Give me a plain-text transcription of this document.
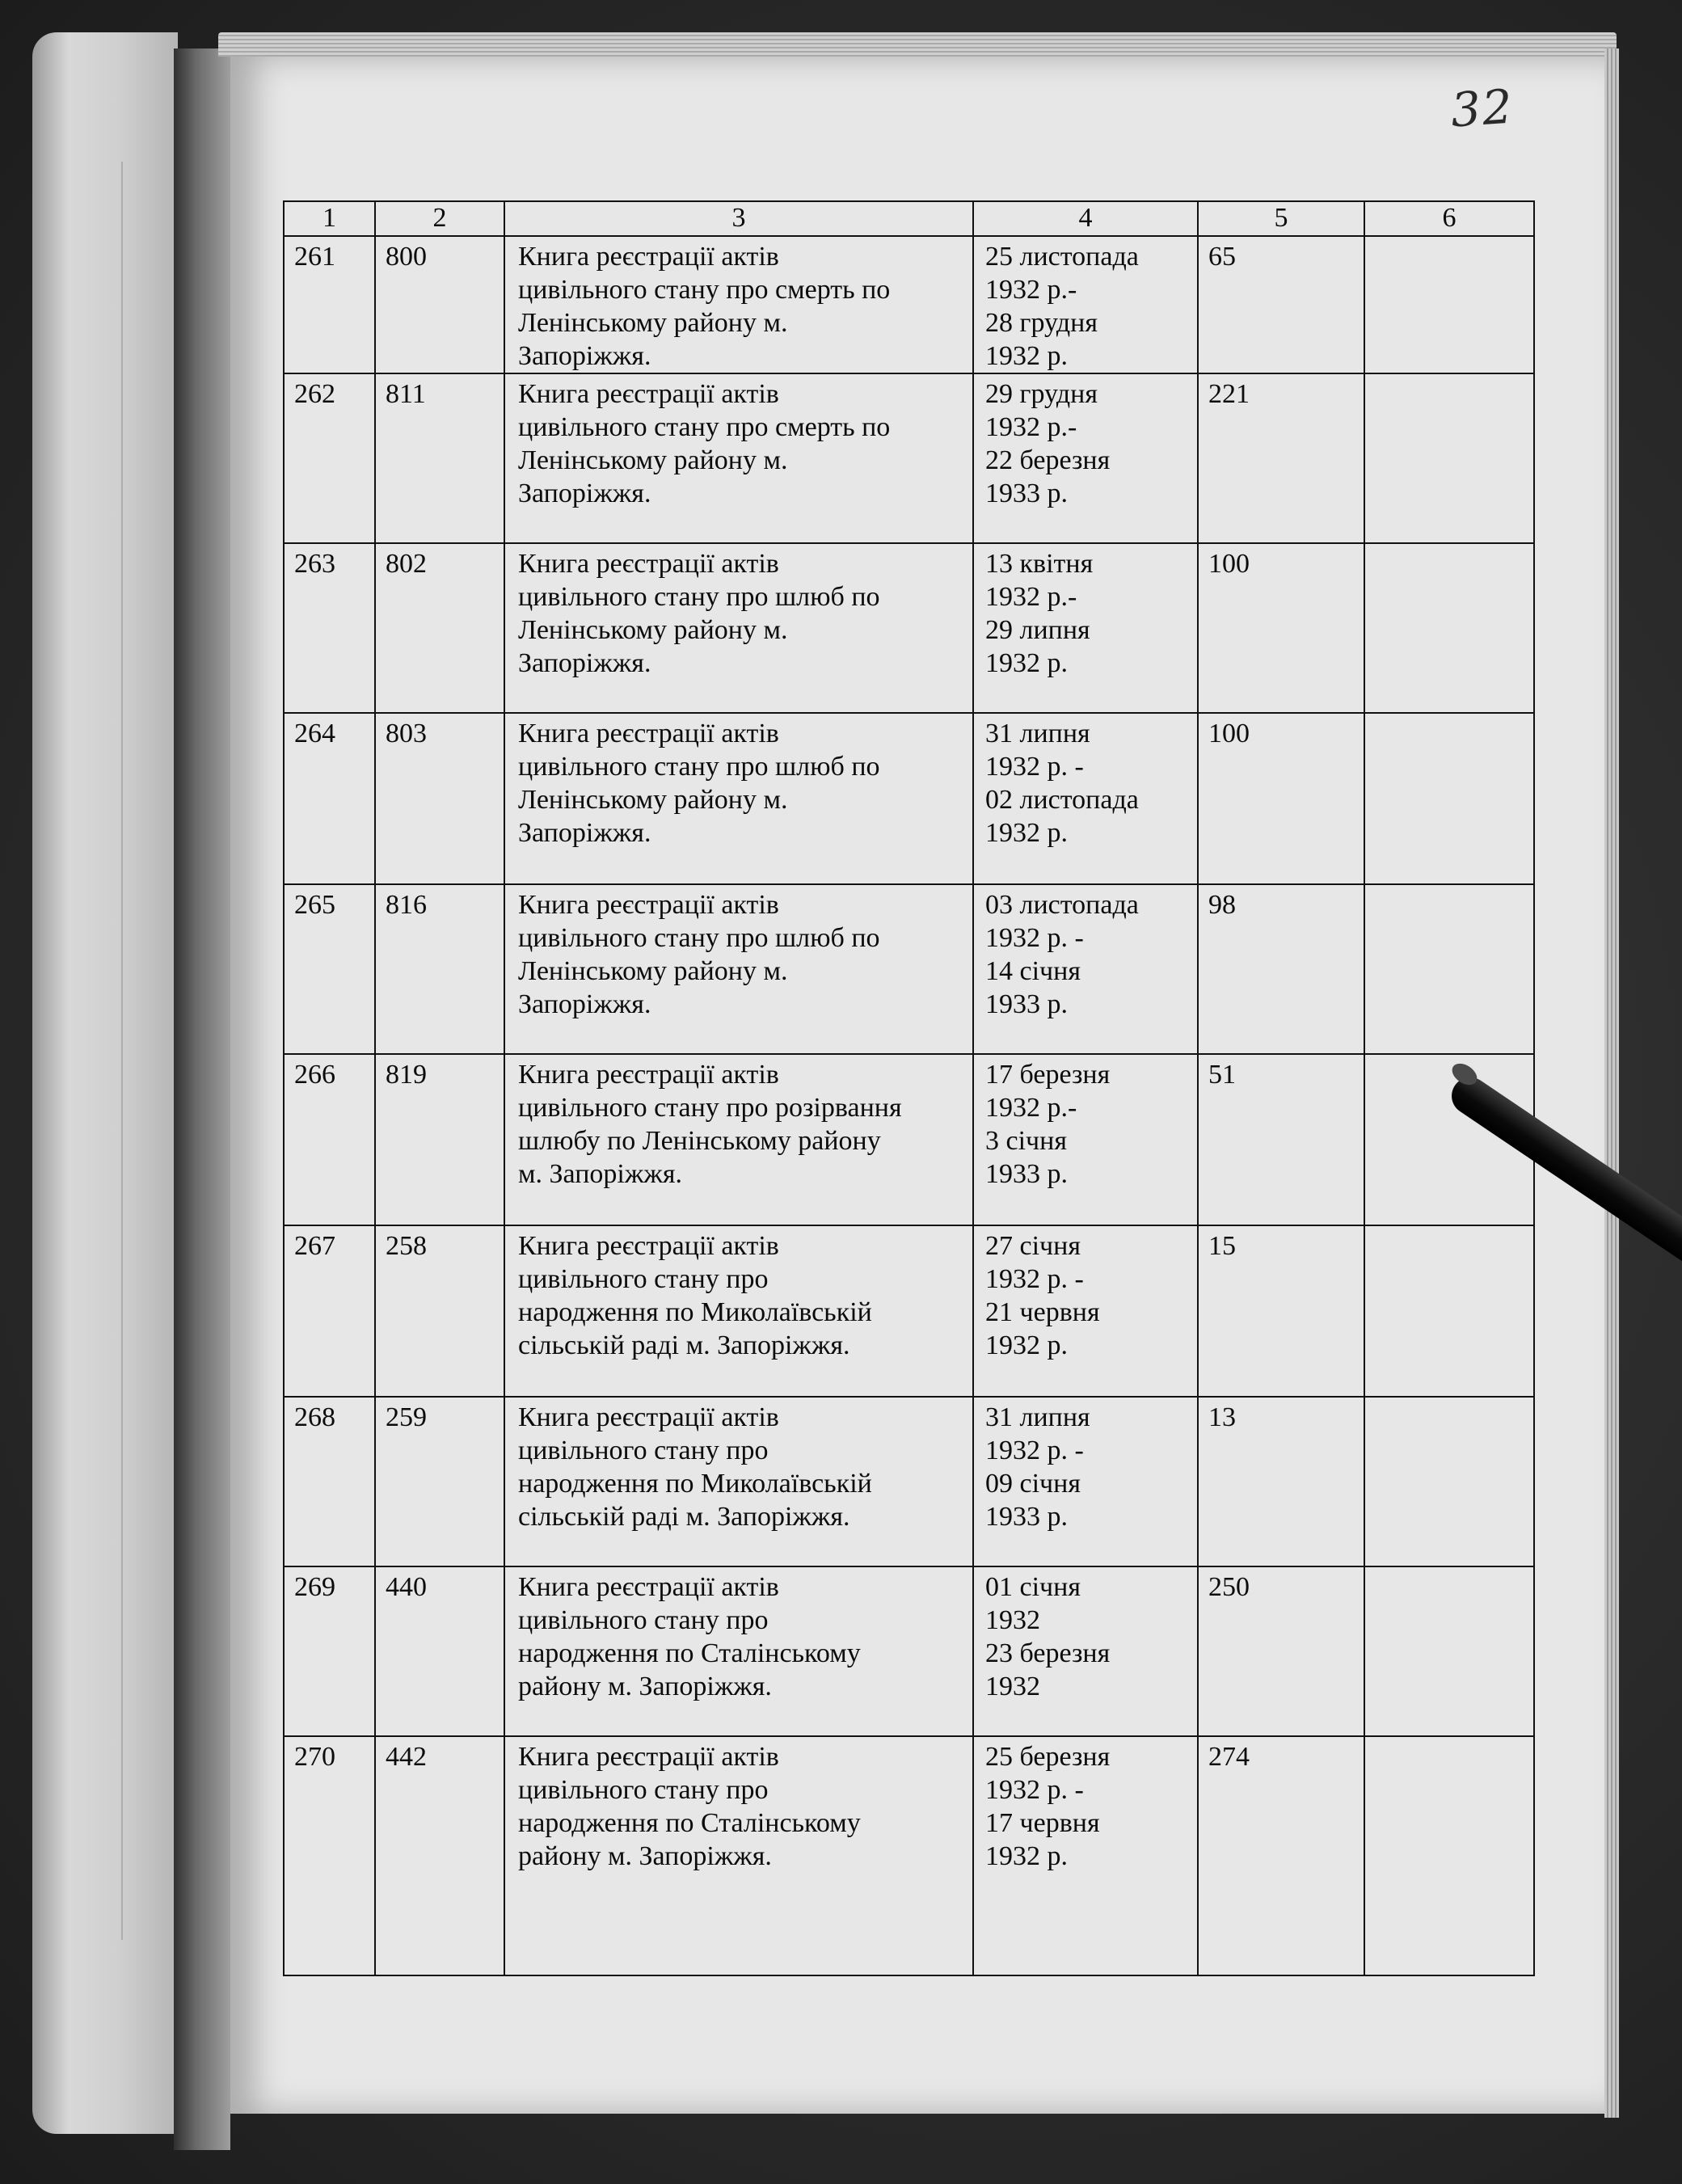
32
1	2	3	4	5	6
261	800	Книга реєстрації актів
цивільного стану про смерть по
Ленінському району м.
Запоріжжя.	25 листопада
1932 р.-
28 грудня
1932 р.	65	
262	811	Книга реєстрації актів
цивільного стану про смерть по
Ленінському району м.
Запоріжжя.	29 грудня
1932 р.-
22 березня
1933 р.	221	
263	802	Книга реєстрації актів
цивільного стану про шлюб по
Ленінському району м.
Запоріжжя.	13 квітня
1932 р.-
29 липня
1932 р.	100	
264	803	Книга реєстрації актів
цивільного стану про шлюб по
Ленінському району м.
Запоріжжя.	31 липня
1932 р. -
02 листопада
1932 р.	100	
265	816	Книга реєстрації актів
цивільного стану про шлюб по
Ленінському району м.
Запоріжжя.	03 листопада
1932 р. -
14 січня
1933 р.	98	
266	819	Книга реєстрації актів
цивільного стану про розірвання
шлюбу по Ленінському району
м. Запоріжжя.	17 березня
1932 р.-
3 січня
1933 р.	51	
267	258	Книга реєстрації актів
цивільного стану про
народження по Миколаївській
сільській раді м. Запоріжжя.	27 січня
1932 р. -
21 червня
1932 р.	15	
268	259	Книга реєстрації актів
цивільного стану про
народження по Миколаївській
сільській раді м. Запоріжжя.	31 липня
1932 р. -
09 січня
1933 р.	13	
269	440	Книга реєстрації актів
цивільного стану про
народження по Сталінському
району м. Запоріжжя.	01 січня
1932
23 березня
1932	250	
270	442	Книга реєстрації актів
цивільного стану про
народження по Сталінському
району м. Запоріжжя.	25 березня
1932 р. -
17 червня
1932 р.	274	
